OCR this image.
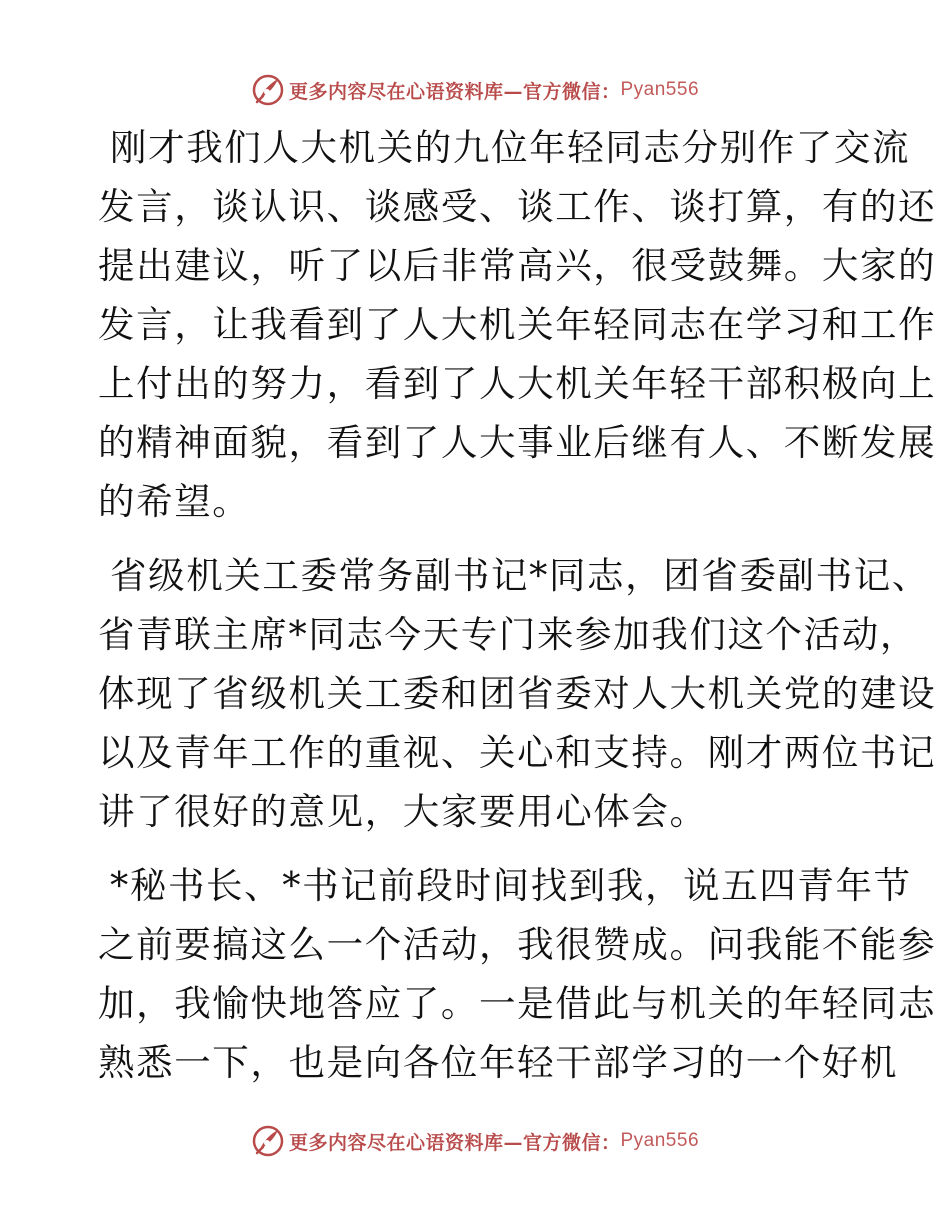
更多内容尽在心语资料库—官方微信： Pyan556
刚才我们人大机关的九位年轻同志分别作了交流
发言，谈认识、谈感受、谈工作、谈打算，有的还
提出建议，听了以后非常高兴，很受鼓舞。大家的
发言，让我看到了人大机关年轻同志在学习和工作
上付出的努力，看到了人大机关年轻干部积极向上
的精神面貌，看到了人大事业后继有人、不断发展
的希望。
省级机关工委常务副书记*同志，团省委副书记、
省青联主席*同志今天专门来参加我们这个活动，
体现了省级机关工委和团省委对人大机关党的建设
以及青年工作的重视、关心和支持。刚才两位书记
讲了很好的意见，大家要用心体会。
*秘书长、*书记前段时间找到我，说五四青年节
之前要搞这么一个活动，我很赞成。问我能不能参
加，我愉快地答应了。一是借此与机关的年轻同志
熟悉一下，也是向各位年轻干部学习的一个好机
更多内容尽在心语资料库—官方微信： Pyan556
